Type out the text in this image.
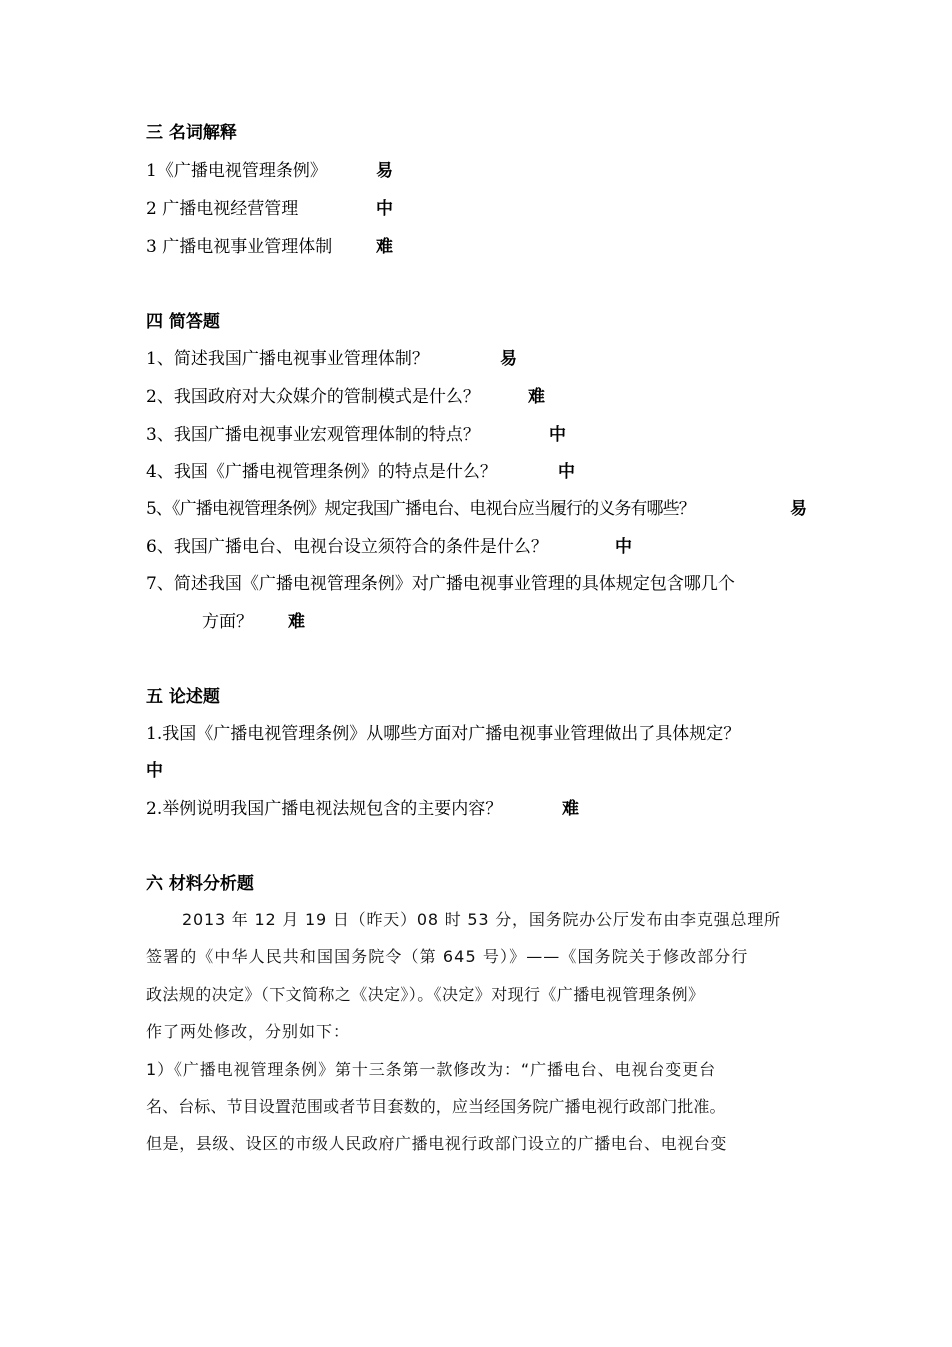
三 名词解释
1《广播电视管理条例》	易
2 广播电视经营管理	中
3 广播电视事业管理体制	难
四 简答题
1、简述我国广播电视事业管理体制？	易
2、我国政府对大众媒介的管制模式是什么？	难
3、我国广播电视事业宏观管理体制的特点？	中
4、我国《广播电视管理条例》的特点是什么？	中
5、《广播电视管理条例》规定我国广播电台、电视台应当履行的义务有哪些？	易
6、我国广播电台、电视台设立须符合的条件是什么？	中
7、简述我国《广播电视管理条例》对广播电视事业管理的具体规定包含哪几个
方面？ 难
五 论述题
1.我国《广播电视管理条例》从哪些方面对广播电视事业管理做出了具体规定？
中
2.举例说明我国广播电视法规包含的主要内容？	难
六 材料分析题
2013 年 12 月 19 日（昨天）08 时 53 分，国务院办公厅发布由李克强总理所
签署的《中华人民共和国国务院令（第 645 号）》——《国务院关于修改部分行
政法规的决定》（下文简称之《决定》）。《决定》对现行《广播电视管理条例》
作了两处修改，分别如下：
1）《广播电视管理条例》第十三条第一款修改为：“广播电台、电视台变更台
名、台标、节目设置范围或者节目套数的，应当经国务院广播电视行政部门批准。
但是，县级、设区的市级人民政府广播电视行政部门设立的广播电台、电视台变
